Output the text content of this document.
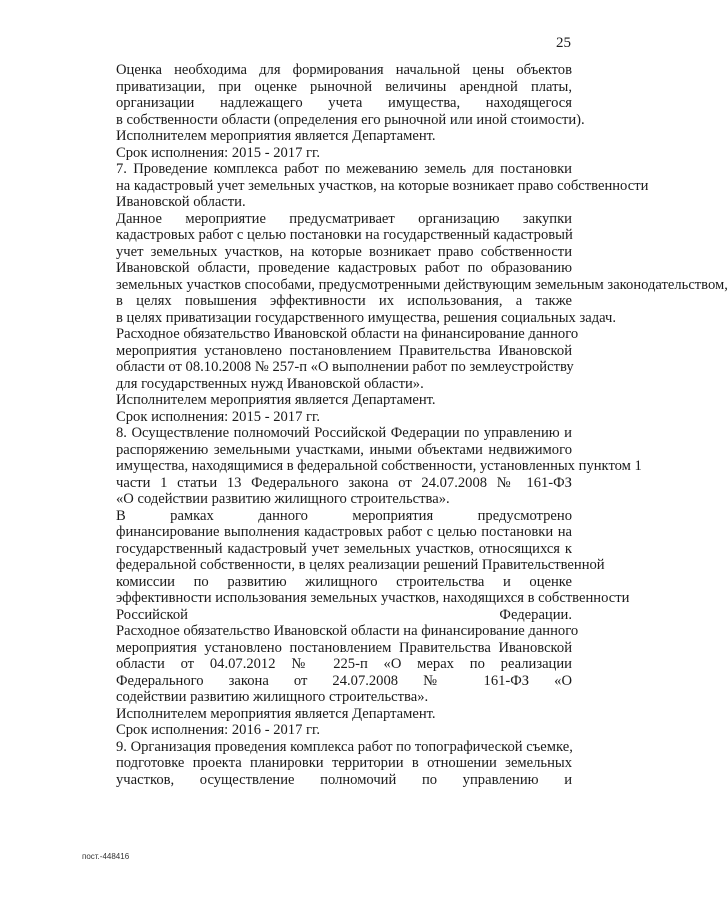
25

Оценка необходима для формирования начальной цены объектов
приватизации, при оценке рыночной величины арендной платы,
организации надлежащего учета имущества, находящегося
в собственности области (определения его рыночной или иной стоимости).

Исполнителем мероприятия является Департамент.

Срок исполнения: 2015 - 2017 гг.

7. Проведение комплекса работ по межеванию земель для постановки
на кадастровый учет земельных участков, на которые возникает право собственности
Ивановской области.

Данное мероприятие предусматривает организацию закупки
кадастровых работ с целью постановки на государственный кадастровый
учет земельных участков, на которые возникает право собственности
Ивановской области, проведение кадастровых работ по образованию
земельных участков способами, предусмотренными действующим земельным законодательством,
в целях повышения эффективности их использования, а также
в целях приватизации государственного имущества, решения социальных задач.

Расходное обязательство Ивановской области на финансирование данного
мероприятия установлено постановлением Правительства Ивановской
области от 08.10.2008 № 257-п «О выполнении работ по землеустройству
для государственных нужд Ивановской области».

Исполнителем мероприятия является Департамент.

Срок исполнения: 2015 - 2017 гг.

8. Осуществление полномочий Российской Федерации по управлению и
распоряжению земельными участками, иными объектами недвижимого
имущества, находящимися в федеральной собственности, установленных пунктом 1
части 1 статьи 13 Федерального закона от 24.07.2008 № 161-ФЗ
«О содействии развитию жилищного строительства».

В рамках данного мероприятия предусмотрено
финансирование выполнения кадастровых работ с целью постановки на
государственный кадастровый учет земельных участков, относящихся к
федеральной собственности, в целях реализации решений Правительственной
комиссии по развитию жилищного строительства и оценке
эффективности использования земельных участков, находящихся в собственности
Российской Федерации.

Расходное обязательство Ивановской области на финансирование данного
мероприятия установлено постановлением Правительства Ивановской
области от 04.07.2012 № 225-п «О мерах по реализации
Федерального закона от 24.07.2008 № 161-ФЗ «О
содействии развитию жилищного строительства».

Исполнителем мероприятия является Департамент.

Срок исполнения: 2016 - 2017 гг.

9. Организация проведения комплекса работ по топографической съемке,
подготовке проекта планировки территории в отношении земельных
участков, осуществление полномочий по управлению и

пост.-448416
